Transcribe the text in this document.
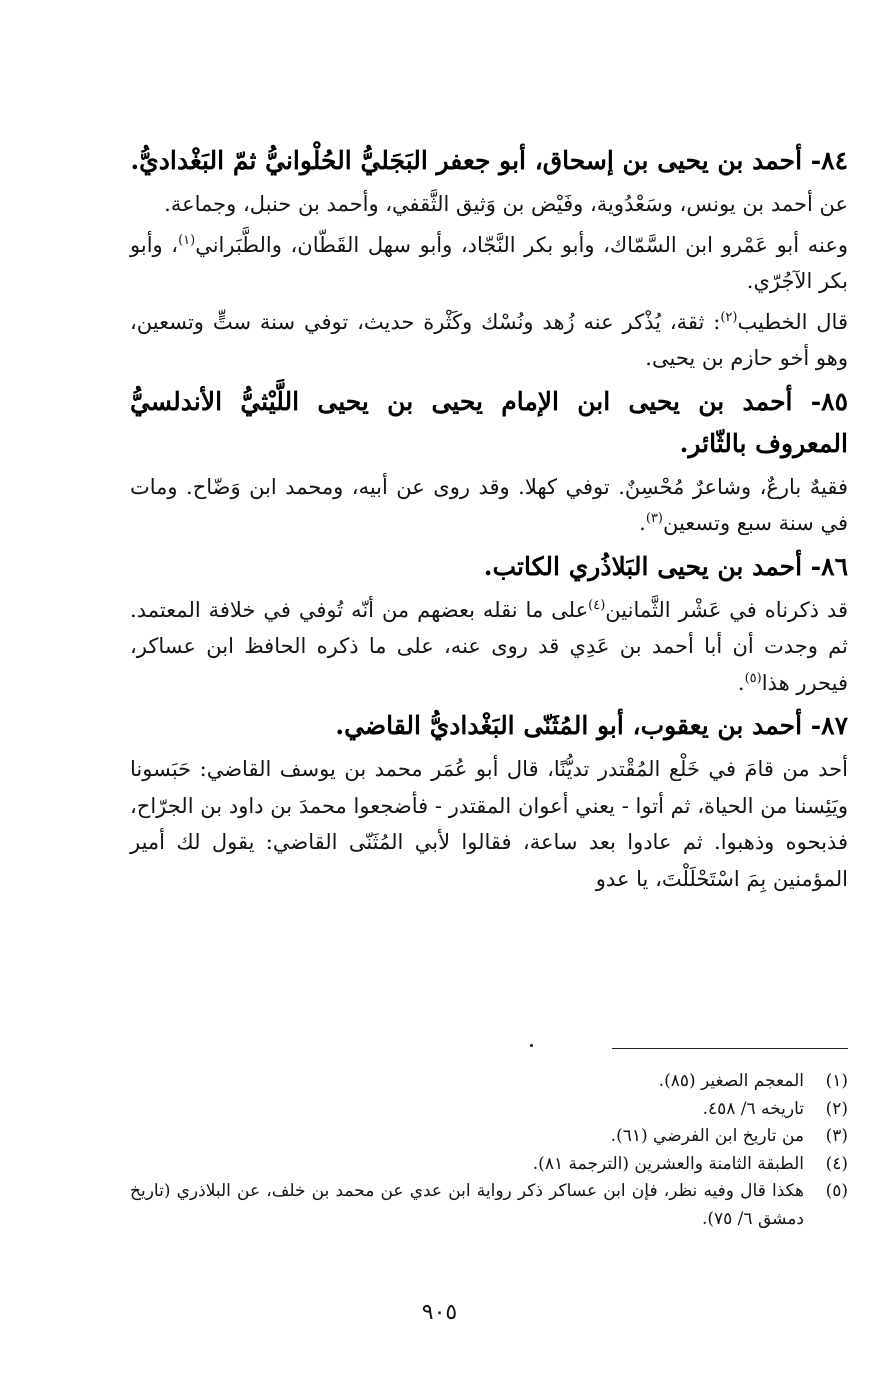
٨٤- أحمد بن يحيى بن إسحاق، أبو جعفر البَجَليُّ الحُلْوانيُّ ثمّ البَغْداديُّ.

عن أحمد بن يونس، وسَعْدُوية، وفَيْض بن وَثيق الثَّقفي، وأحمد بن حنبل، وجماعة.

وعنه أبو عَمْرو ابن السَّمّاك، وأبو بكر النَّجّاد، وأبو سهل القَطّان، والطَّبَراني$^{(١)}$، وأبو بكر الآجُرّي.

قال الخطيب$^{(٢)}$: ثقة، يُذْكر عنه زُهد ونُسْك وكَثْرة حديث، توفي سنة ستٍّ وتسعين، وهو أخو حازم بن يحيى.

٨٥- أحمد بن يحيى ابن الإمام يحيى بن يحيى اللَّيْثيُّ الأندلسيُّ المعروف بالثّائر.

فقيهٌ بارعٌ، وشاعرٌ مُحْسِنٌ. توفي كهلا. وقد روى عن أبيه، ومحمد ابن وَضّاح. ومات في سنة سبع وتسعين$^{(٣)}$.

٨٦- أحمد بن يحيى البَلاذُري الكاتب.

قد ذكرناه في عَشْر الثَّمانين$^{(٤)}$على ما نقله بعضهم من أنّه تُوفي في خلافة المعتمد. ثم وجدت أن أبا أحمد بن عَدِي قد روى عنه، على ما ذكره الحافظ ابن عساكر، فيحرر هذا$^{(٥)}$.

٨٧- أحمد بن يعقوب، أبو المُثَنّى البَغْداديُّ القاضي.

أحد من قامَ في خَلْع المُقْتدر تديُّنًا، قال أبو عُمَر محمد بن يوسف القاضي: حَبَسونا ويَئِسنا من الحياة، ثم أتوا - يعني أعوان المقتدر - فأضجعوا محمدَ بن داود بن الجرّاح، فذبحوه وذهبوا. ثم عادوا بعد ساعة، فقالوا لأبي المُثَنّى القاضي: يقول لك أمير المؤمنين بِمَ اسْتَحْلَلْتَ، يا عدو

(١)
المعجم الصغير (٨٥).
(٢)
تاريخه ٦/ ٤٥٨.
(٣)
من تاريخ ابن الفرضي (٦١).
(٤)
الطبقة الثامنة والعشرين (الترجمة ٨١).
(٥)
هكذا قال وفيه نظر، فإن ابن عساكر ذكر رواية ابن عدي عن محمد بن خلف، عن البلاذري (تاريخ دمشق ٦/ ٧٥).
٩٠٥
